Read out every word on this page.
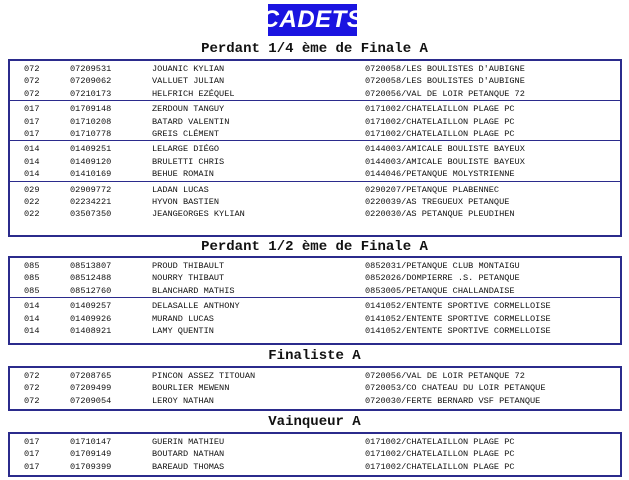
CADETS
Perdant 1/4 ème de Finale A
072	07209531	JOUANIC KYLIAN	0720058/LES BOULISTES D'AUBIGNE
072	07209062	VALLUET JULIAN	0720058/LES BOULISTES D'AUBIGNE
072	07210173	HELFRICH EZÉQUEL	0720056/VAL DE LOIR PETANQUE 72
017	01709148	ZERDOUN TANGUY	0171002/CHATELAILLON PLAGE PC
017	01710208	BATARD VALENTIN	0171002/CHATELAILLON PLAGE PC
017	01710778	GREIS CLÉMENT	0171002/CHATELAILLON PLAGE PC
014	01409251	LELARGE DIÉGO	0144003/AMICALE BOULISTE BAYEUX
014	01409120	BRULETTI CHRIS	0144003/AMICALE BOULISTE BAYEUX
014	01410169	BEHUE ROMAIN	0144046/PETANQUE MOLYSTRIENNE
029	02909772	LADAN LUCAS	0290207/PETANQUE PLABENNEC
022	02234221	HYVON BASTIEN	0220039/AS TREGUEUX PETANQUE
022	03507350	JEANGEORGES KYLIAN	0220030/AS PETANQUE PLEUDIHEN
Perdant 1/2 ème de Finale A
085	08513807	PROUD THIBAULT	0852031/PETANQUE CLUB MONTAIGU
085	08512488	NOURRY THIBAUT	0852026/DOMPIERRE .S. PETANQUE
085	08512760	BLANCHARD MATHIS	0853005/PETANQUE CHALLANDAISE
014	01409257	DELASALLE ANTHONY	0141052/ENTENTE SPORTIVE CORMELLOISE
014	01409926	MURAND LUCAS	0141052/ENTENTE SPORTIVE CORMELLOISE
014	01408921	LAMY QUENTIN	0141052/ENTENTE SPORTIVE CORMELLOISE
Finaliste A
072	07208765	PINCON ASSEZ TITOUAN	0720056/VAL DE LOIR PETANQUE 72
072	07209499	BOURLIER MEWENN	0720053/CO CHATEAU DU LOIR PETANQUE
072	07209054	LEROY NATHAN	0720030/FERTE BERNARD VSF PETANQUE
Vainqueur A
017	01710147	GUERIN MATHIEU	0171002/CHATELAILLON PLAGE PC
017	01709149	BOUTARD NATHAN	0171002/CHATELAILLON PLAGE PC
017	01709399	BAREAUD THOMAS	0171002/CHATELAILLON PLAGE PC
